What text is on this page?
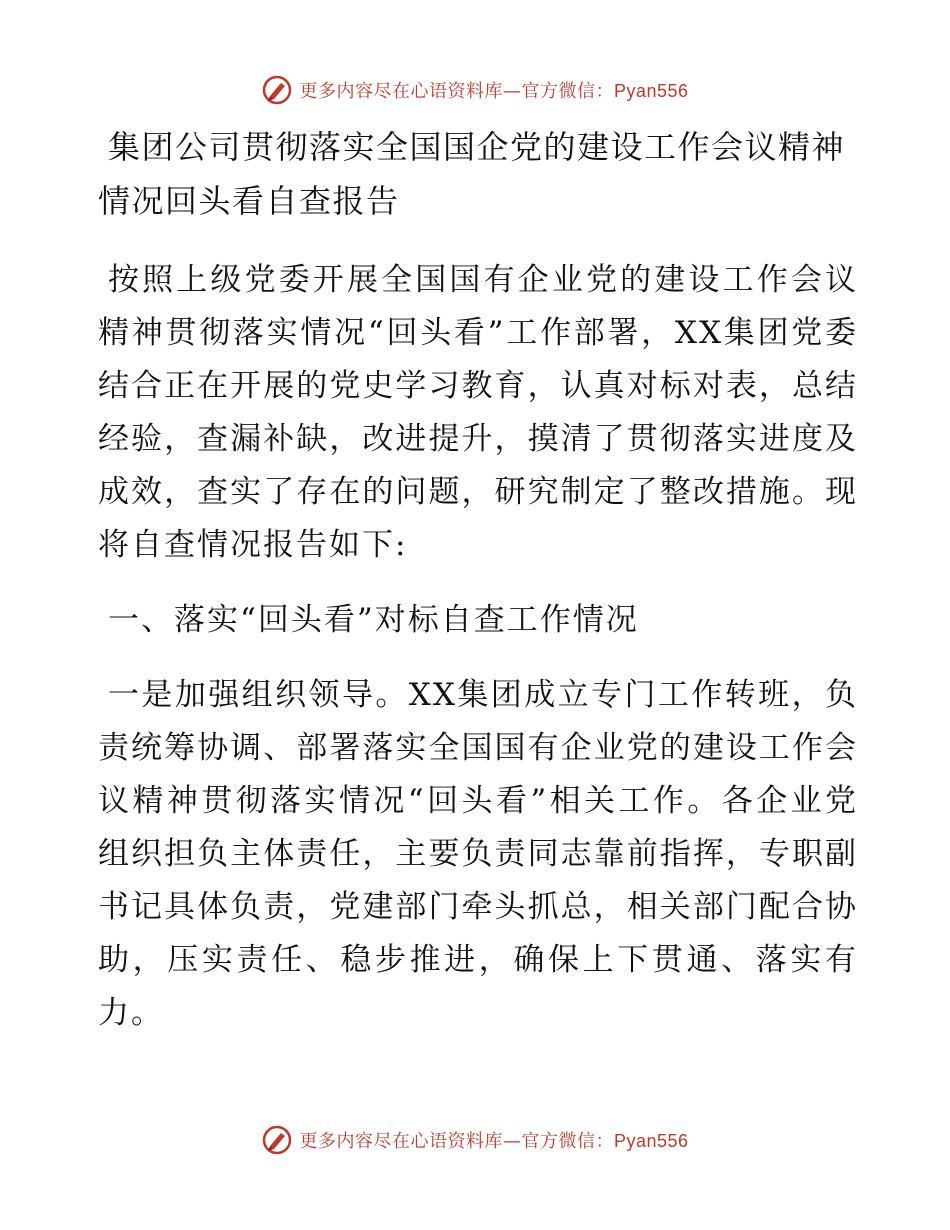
更多内容尽在心语资料库—官方微信：Pyan556
集团公司贯彻落实全国国企党的建设工作会议精神情况回头看自查报告

按照上级党委开展全国国有企业党的建设工作会议精神贯彻落实情况“回头看”工作部署，XX集团党委结合正在开展的党史学习教育，认真对标对表，总结经验，查漏补缺，改进提升，摸清了贯彻落实进度及成效，查实了存在的问题，研究制定了整改措施。现将自查情况报告如下:

一、落实“回头看”对标自查工作情况

一是加强组织领导。XX集团成立专门工作转班，负责统筹协调、部署落实全国国有企业党的建设工作会议精神贯彻落实情况“回头看”相关工作。各企业党组织担负主体责任，主要负责同志靠前指挥，专职副书记具体负责，党建部门牵头抓总，相关部门配合协助，压实责任、稳步推进，确保上下贯通、落实有力。

更多内容尽在心语资料库—官方微信：Pyan556
